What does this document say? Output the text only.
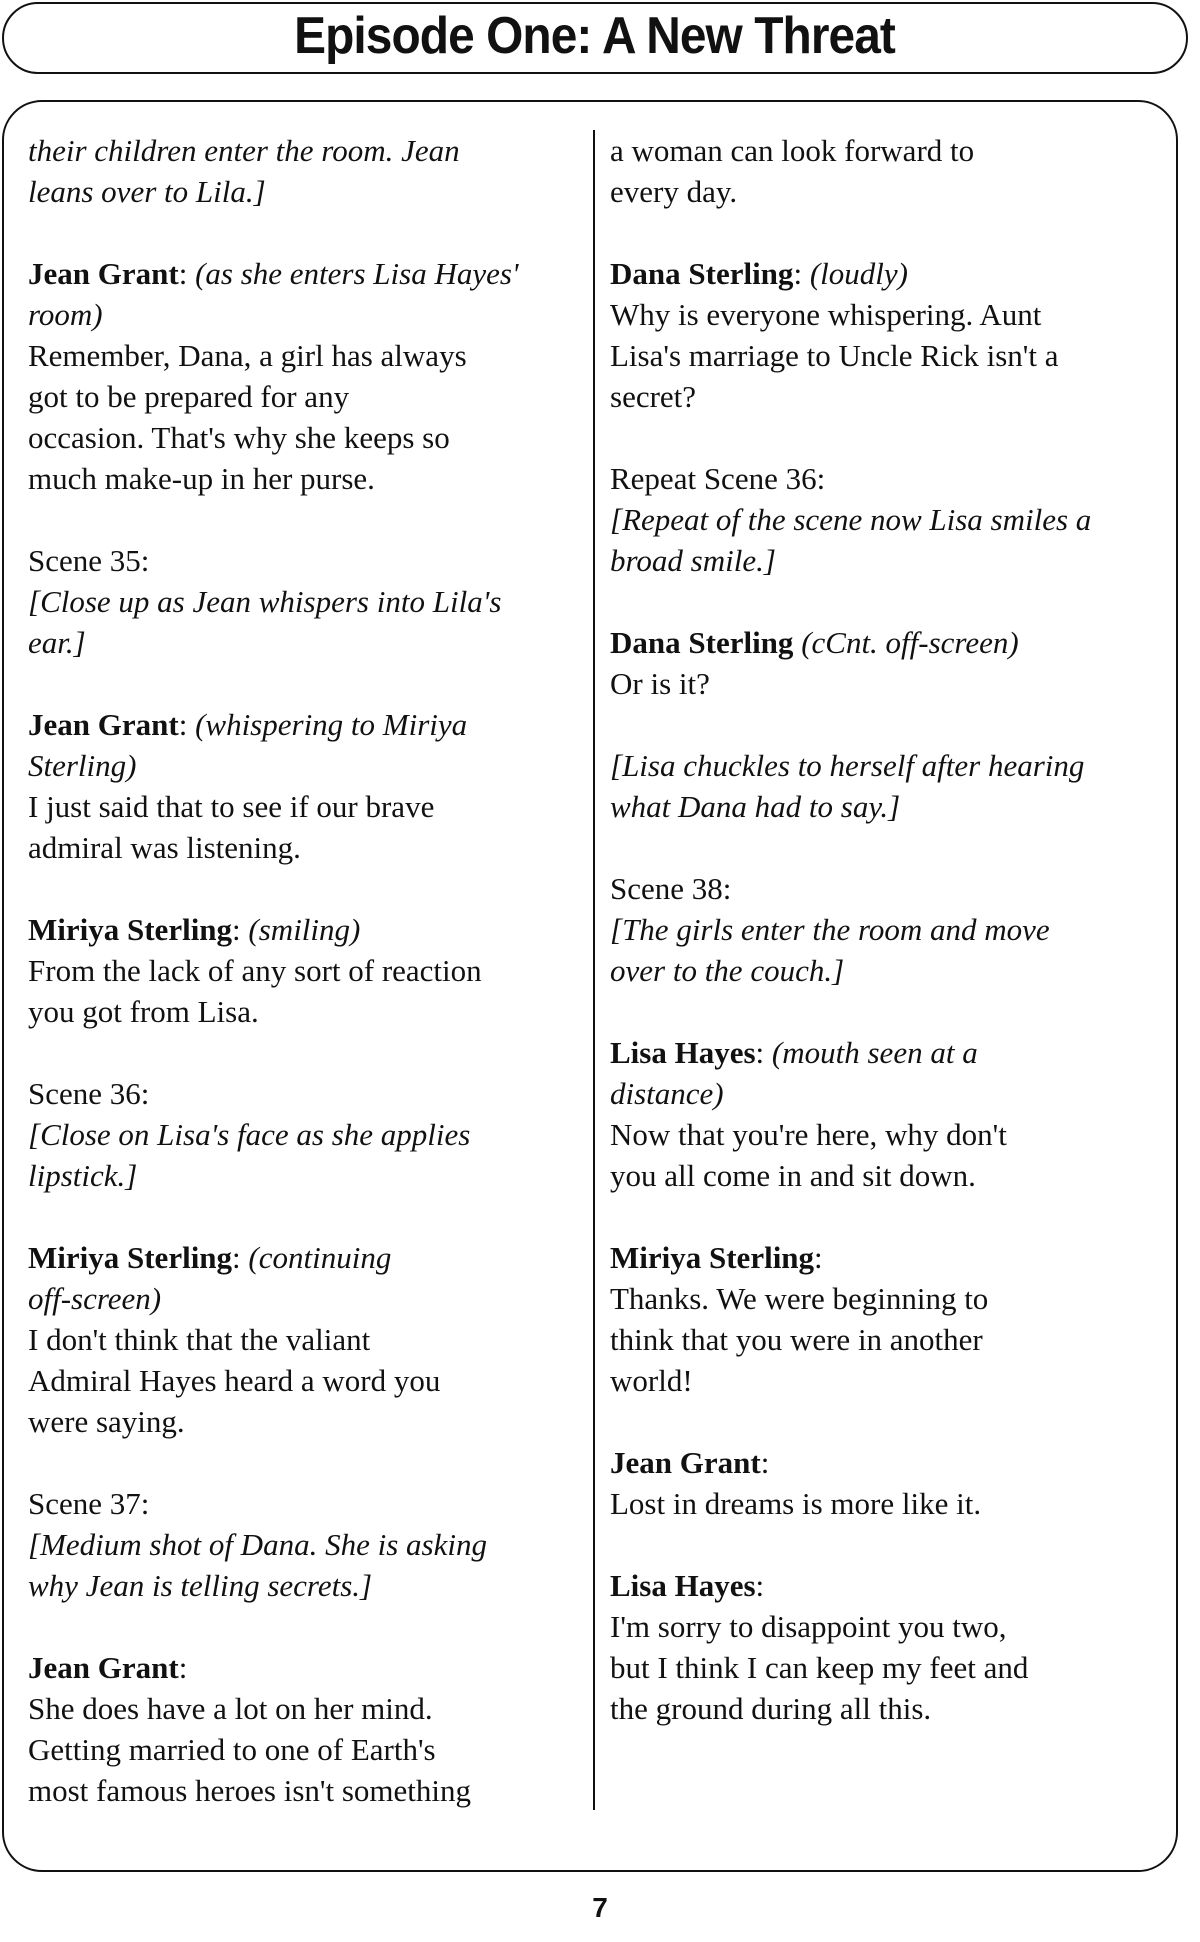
Episode One: A New Threat
their children enter the room. Jean
leans over to Lila.]
Jean Grant: (as she enters Lisa Hayes'
room)
Remember, Dana, a girl has always
got to be prepared for any
occasion. That's why she keeps so
much make-up in her purse.
Scene 35:
[Close up as Jean whispers into Lila's
ear.]
Jean Grant: (whispering to Miriya
Sterling)
I just said that to see if our brave
admiral was listening.
Miriya Sterling: (smiling)
From the lack of any sort of reaction
you got from Lisa.
Scene 36:
[Close on Lisa's face as she applies
lipstick.]
Miriya Sterling: (continuing
off-screen)
I don't think that the valiant
Admiral Hayes heard a word you
were saying.
Scene 37:
[Medium shot of Dana. She is asking
why Jean is telling secrets.]
Jean Grant:
She does have a lot on her mind.
Getting married to one of Earth's
most famous heroes isn't something
a woman can look forward to
every day.
Dana Sterling: (loudly)
Why is everyone whispering. Aunt
Lisa's marriage to Uncle Rick isn't a
secret?
Repeat Scene 36:
[Repeat of the scene now Lisa smiles a
broad smile.]
Dana Sterling (cCnt. off-screen)
Or is it?
[Lisa chuckles to herself after hearing
what Dana had to say.]
Scene 38:
[The girls enter the room and move
over to the couch.]
Lisa Hayes: (mouth seen at a
distance)
Now that you're here, why don't
you all come in and sit down.
Miriya Sterling:
Thanks. We were beginning to
think that you were in another
world!
Jean Grant:
Lost in dreams is more like it.
Lisa Hayes:
I'm sorry to disappoint you two,
but I think I can keep my feet and
the ground during all this.
7
